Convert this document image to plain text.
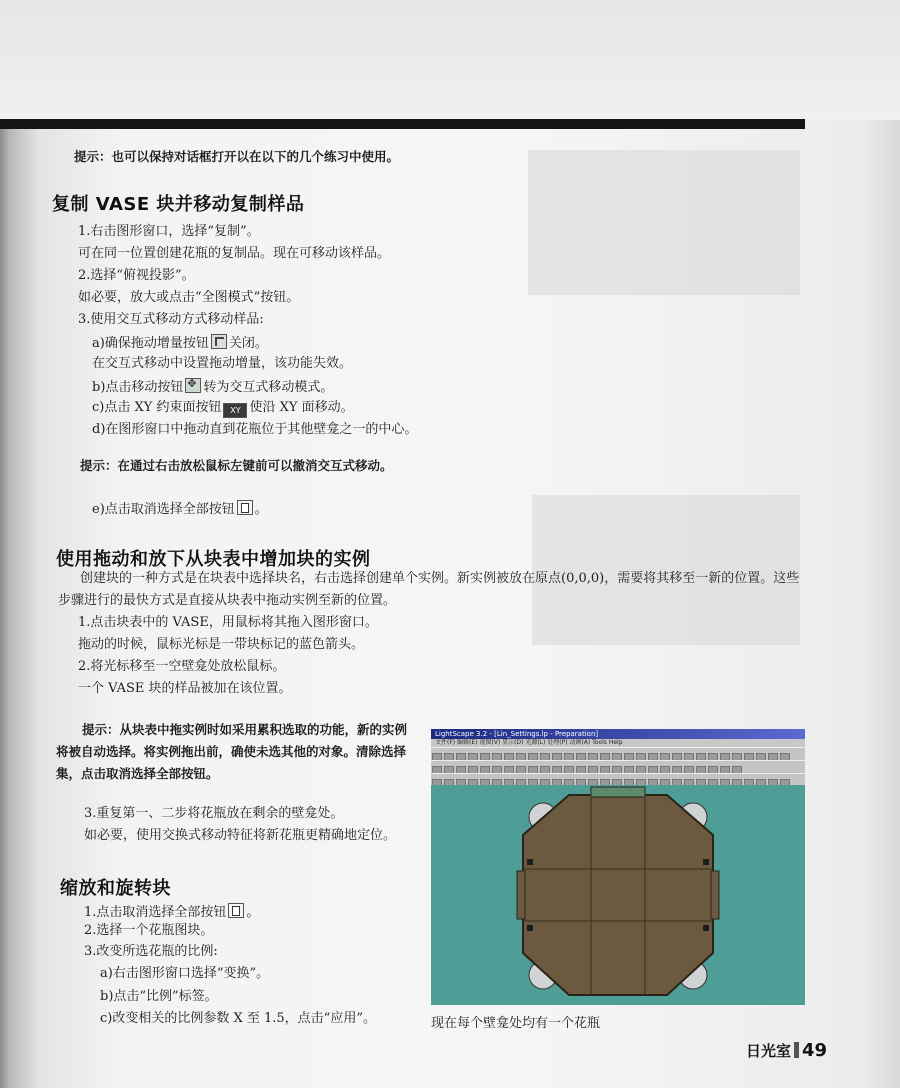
提示：也可以保持对话框打开以在以下的几个练习中使用。
复制 VASE 块并移动复制样品
1.右击图形窗口，选择“复制”。
可在同一位置创建花瓶的复制品。现在可移动该样品。
2.选择“俯视投影”。
如必要，放大或点击“全图模式”按钮。
3.使用交互式移动方式移动样品:
a)确保拖动增量按钮 关闭。
在交互式移动中设置拖动增量，该功能失效。
b)点击移动按钮✥ 转为交互式移动模式。
c)点击 XY 约束面按钮 XY 使沿 XY 面移动。
d)在图形窗口中拖动直到花瓶位于其他壁龛之一的中心。
提示：在通过右击放松鼠标左键前可以撤消交互式移动。
e)点击取消选择全部按钮 。
使用拖动和放下从块表中增加块的实例
创建块的一种方式是在块表中选择块名，右击选择创建单个实例。新实例被放在原点(0,0,0)，需要将其移至一新的位置。这些步骤进行的最快方式是直接从块表中拖动实例至新的位置。
1.点击块表中的 VASE，用鼠标将其拖入图形窗口。
拖动的时候，鼠标光标是一带块标记的蓝色箭头。
2.将光标移至一空壁龛处放松鼠标。
一个 VASE 块的样品被加在该位置。
提示：从块表中拖实例时如采用累积选取的功能，新的实例将被自动选择。将实例拖出前，确使未选其他的对象。清除选择集，点击取消选择全部按钮。
3.重复第一、二步将花瓶放在剩余的壁龛处。
如必要，使用交换式移动特征将新花瓶更精确地定位。
缩放和旋转块
1.点击取消选择全部按钮 。
2.选择一个花瓶图块。
3.改变所选花瓶的比例:
a)右击图形窗口选择“变换”。
b)点击“比例”标签。
c)改变相关的比例参数 X 至 1.5，点击“应用”。
LightScape 3.2 - [Lin_Settings.lp - Preparation]
文件(F) 编辑(E) 视图(V) 显示(D) 光源(L) 处理(P) 动画(A) Tools Help
现在每个壁龛处均有一个花瓶
日光室 49
